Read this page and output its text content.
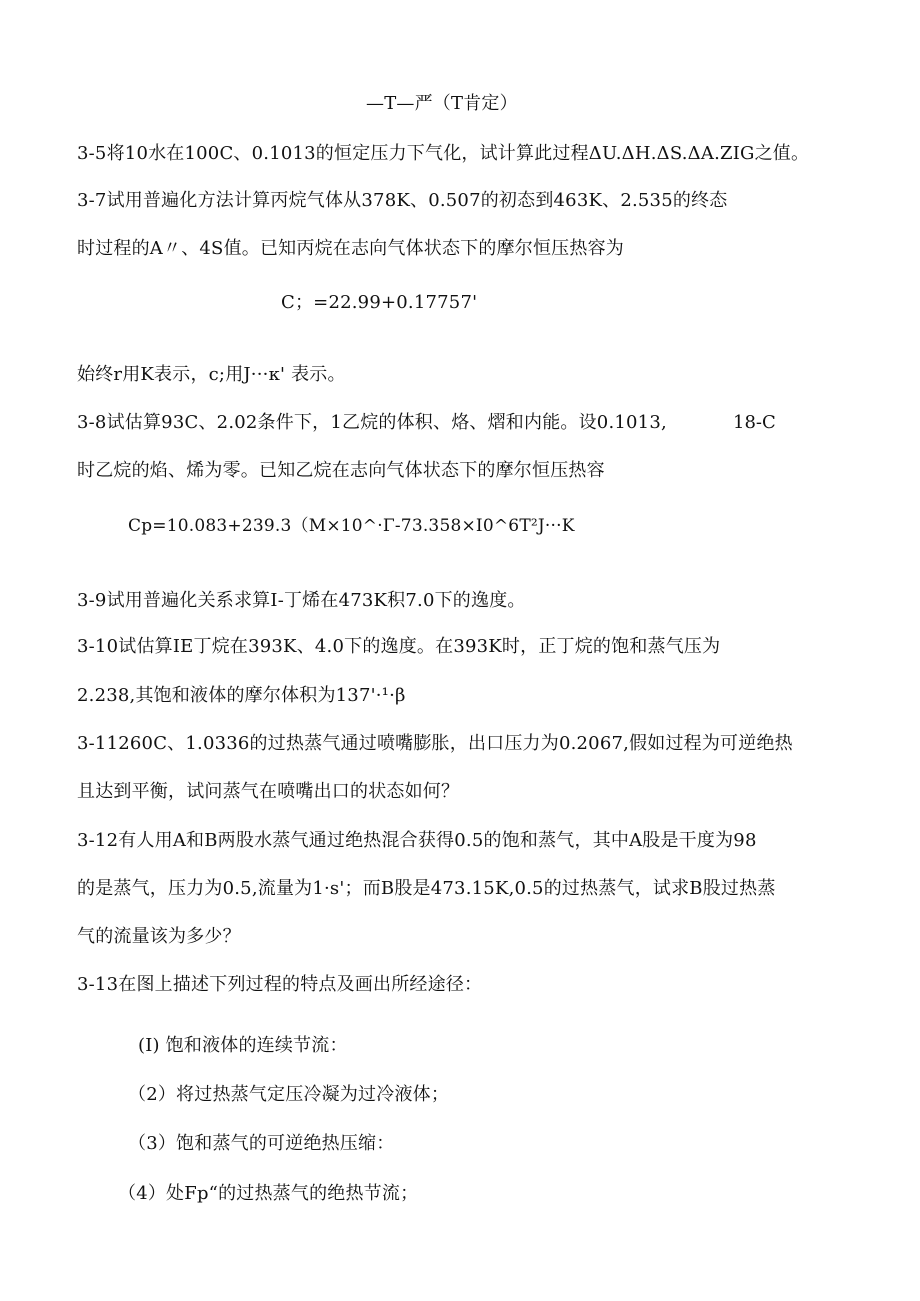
—T—严（T肯定）
3-5将10水在100C、0.1013的恒定压力下气化，试计算此过程ΔU.ΔH.ΔS.ΔA.ZIG之值。
3-7试用普遍化方法计算丙烷气体从378K、0.507的初态到463K、2.535的终态
时过程的A〃、4S值。已知丙烷在志向气体状态下的摩尔恒压热容为
C；=22.99+0.17757'
始终r用K表示，c;用J···κ' 表示。
3-8试估算93C、2.02条件下，1乙烷的体积、烙、熠和内能。设0.1013,	18-C
时乙烷的焰、烯为零。已知乙烷在志向气体状态下的摩尔恒压热容
Cp=10.083+239.3（M×10^·Γ-73.358×I0^6T²J···K
3-9试用普遍化关系求算I-丁烯在473K积7.0下的逸度。
3-10试估算IE丁烷在393K、4.0下的逸度。在393K时，正丁烷的饱和蒸气压为
2.238,其饱和液体的摩尔体积为137'·¹·β
3-11260C、1.0336的过热蒸气通过喷嘴膨胀，出口压力为0.2067,假如过程为可逆绝热
且达到平衡，试问蒸气在喷嘴出口的状态如何？
3-12有人用A和B两股水蒸气通过绝热混合获得0.5的饱和蒸气，其中A股是干度为98
的是蒸气，压力为0.5,流量为1·s'；而B股是473.15K,0.5的过热蒸气，试求B股过热蒸
气的流量该为多少？
3-13在图上描述下列过程的特点及画出所经途径：
(I) 饱和液体的连续节流：
（2）将过热蒸气定压冷凝为过冷液体；
（3）饱和蒸气的可逆绝热压缩：
（4）处Fp“的过热蒸气的绝热节流；
